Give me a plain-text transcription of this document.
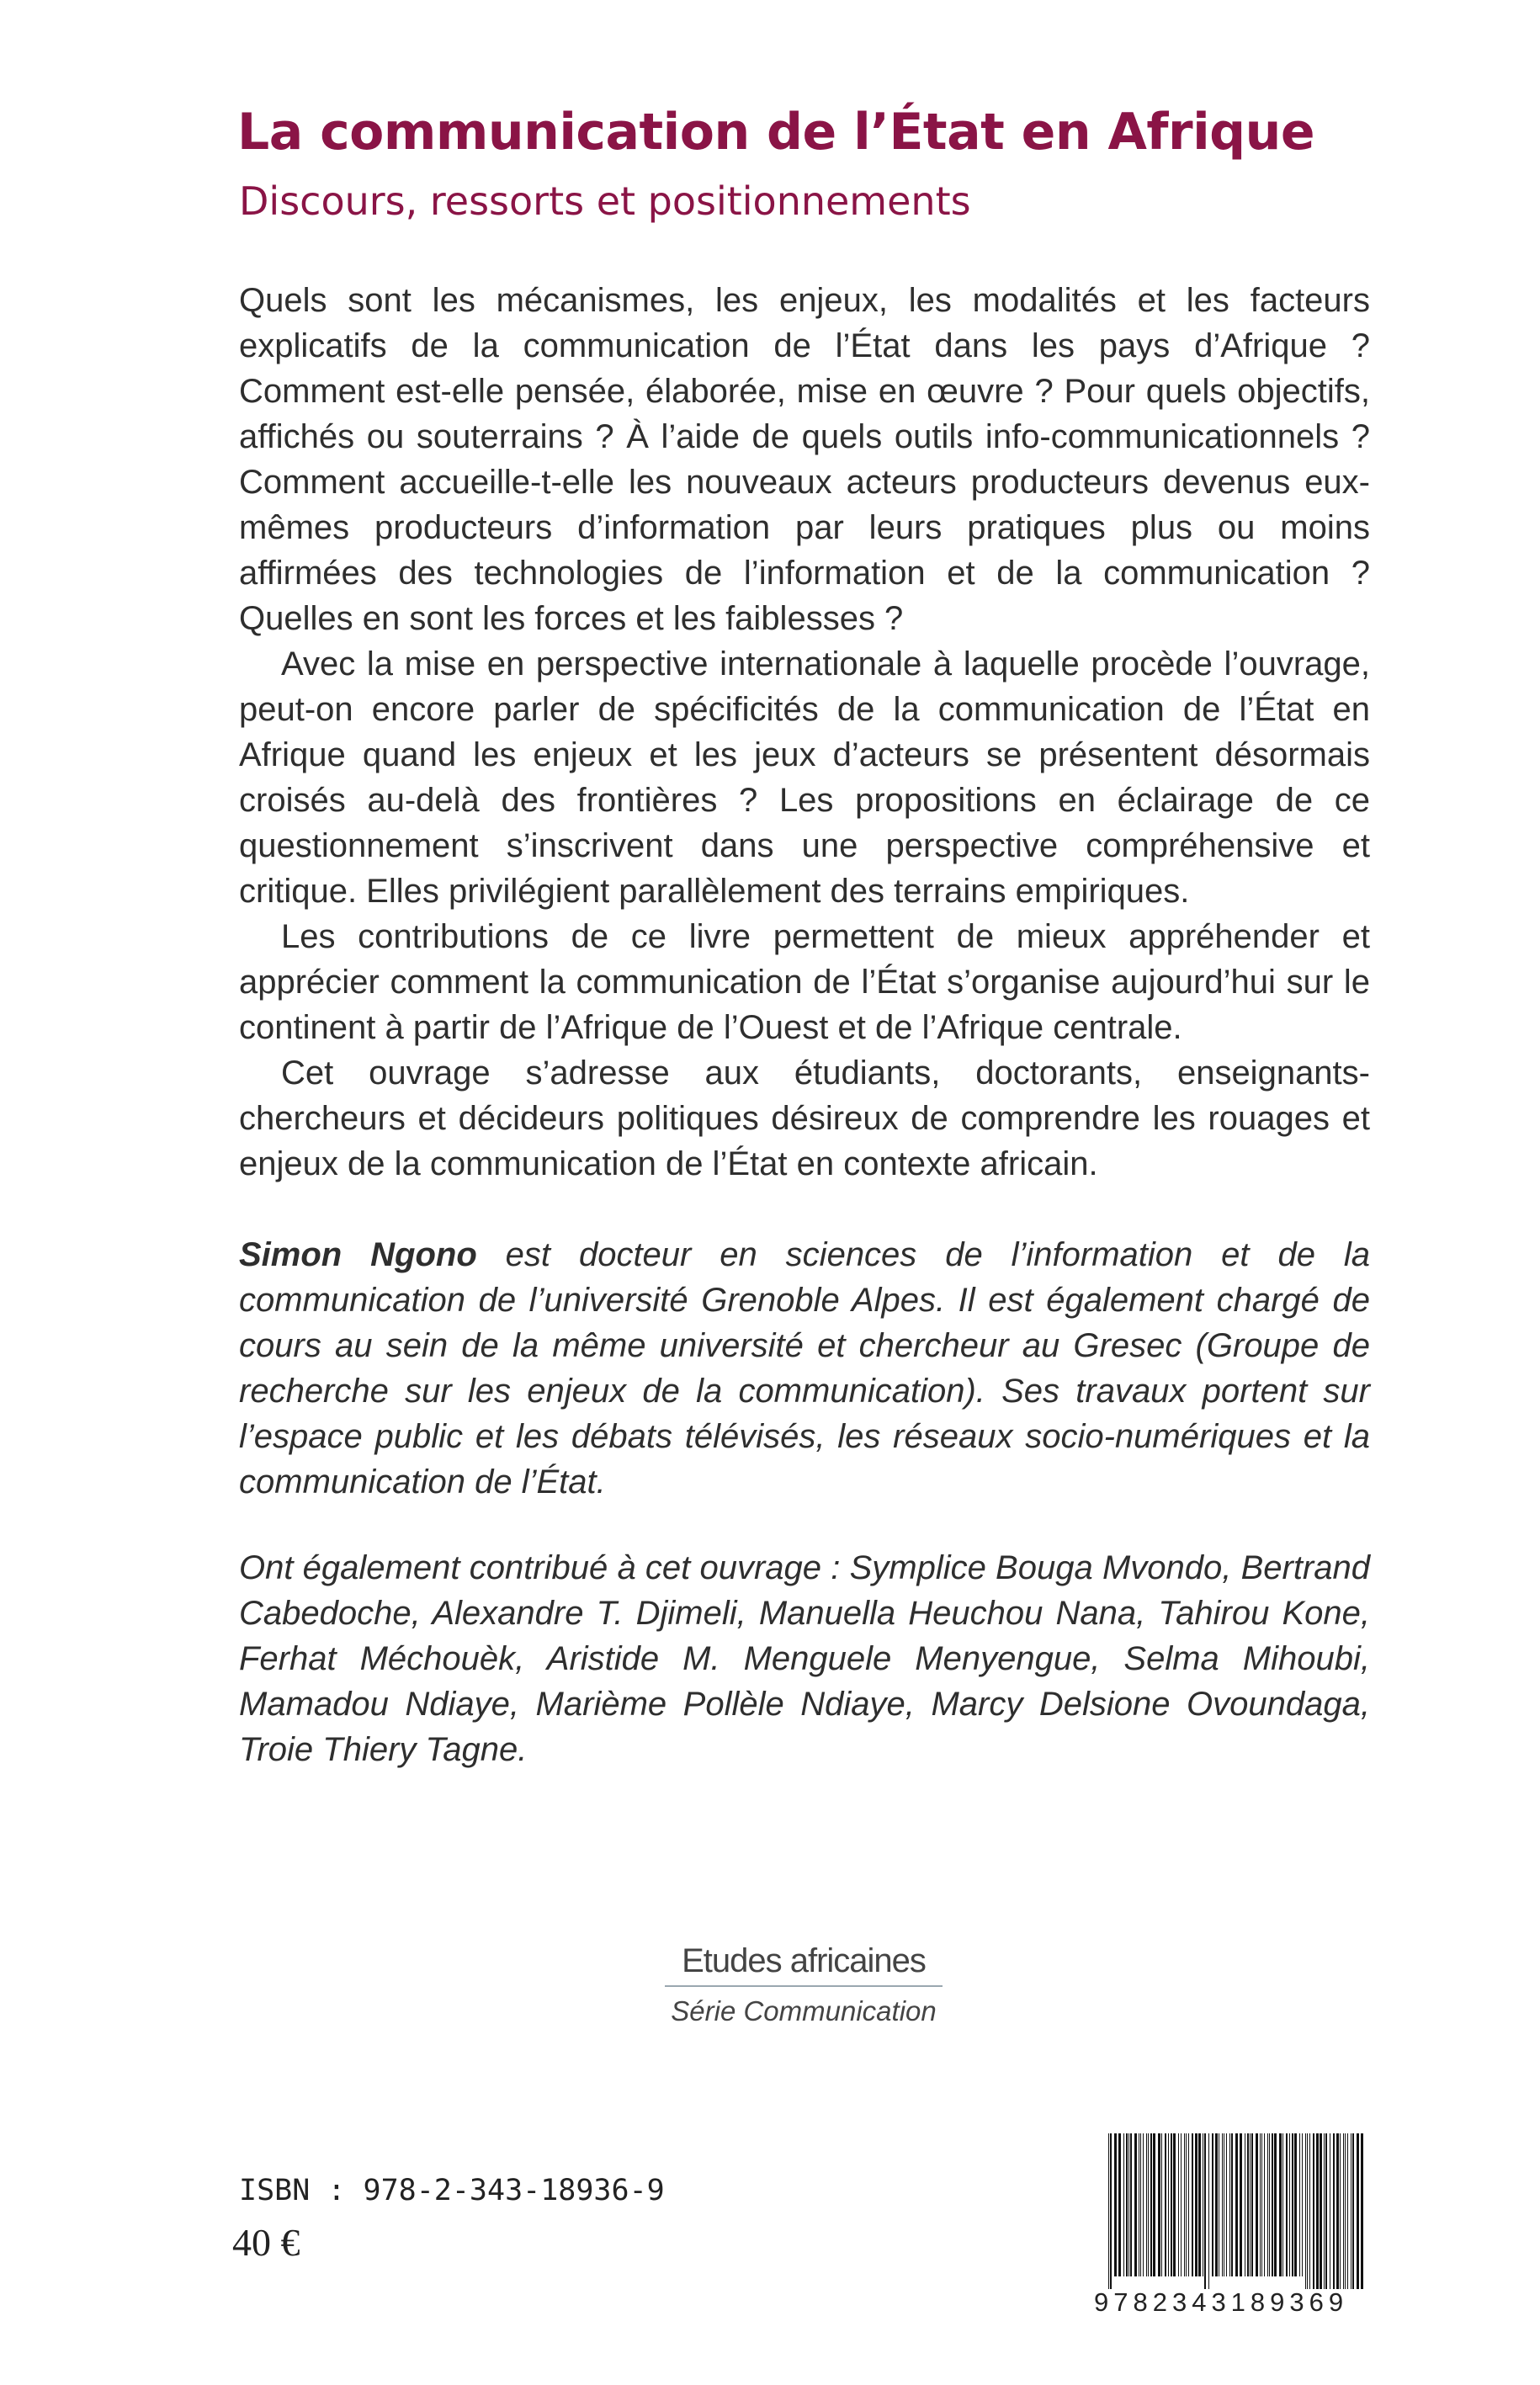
La communication de l’État en Afrique
Discours, ressorts et positionnements

Quels sont les mécanismes, les enjeux, les modalités et les facteurs explicatifs de la communication de l’État dans les pays d’Afrique ? Comment est-elle pensée, élaborée, mise en œuvre ? Pour quels objectifs, affichés ou souterrains ? À l’aide de quels outils info-communicationnels ? Comment accueille-t-elle les nouveaux acteurs producteurs devenus eux-mêmes producteurs d’information par leurs pratiques plus ou moins affirmées des technologies de l’information et de la communication ? Quelles en sont les forces et les faiblesses ?

Avec la mise en perspective internationale à laquelle procède l’ouvrage, peut-on encore parler de spécificités de la communication de l’État en Afrique quand les enjeux et les jeux d’acteurs se présentent désormais croisés au-delà des frontières ? Les propositions en éclairage de ce questionnement s’inscrivent dans une perspective compréhensive et critique. Elles privilégient parallèlement des terrains empiriques.

Les contributions de ce livre permettent de mieux appréhender et apprécier comment la communication de l’État s’organise aujourd’hui sur le continent à partir de l’Afrique de l’Ouest et de l’Afrique centrale.

Cet ouvrage s’adresse aux étudiants, doctorants, enseignants-chercheurs et décideurs politiques désireux de comprendre les rouages et enjeux de la communication de l’État en contexte africain.

Simon Ngono est docteur en sciences de l’information et de la communication de l’université Grenoble Alpes. Il est également chargé de cours au sein de la même université et chercheur au Gresec (Groupe de recherche sur les enjeux de la communication). Ses travaux portent sur l’espace public et les débats télévisés, les réseaux socio-numériques et la communication de l’État.

Ont également contribué à cet ouvrage : Symplice Bouga Mvondo, Bertrand Cabedoche, Alexandre T. Djimeli, Manuella Heuchou Nana, Tahirou Kone, Ferhat Méchouèk, Aristide M. Menguele Menyengue, Selma Mihoubi, Mamadou Ndiaye, Marième Pollèle Ndiaye, Marcy Delsione Ovoundaga, Troie Thiery Tagne.

Etudes africaines
Série Communication
ISBN : 978-2-343-18936-9
40 €
9782343189369
